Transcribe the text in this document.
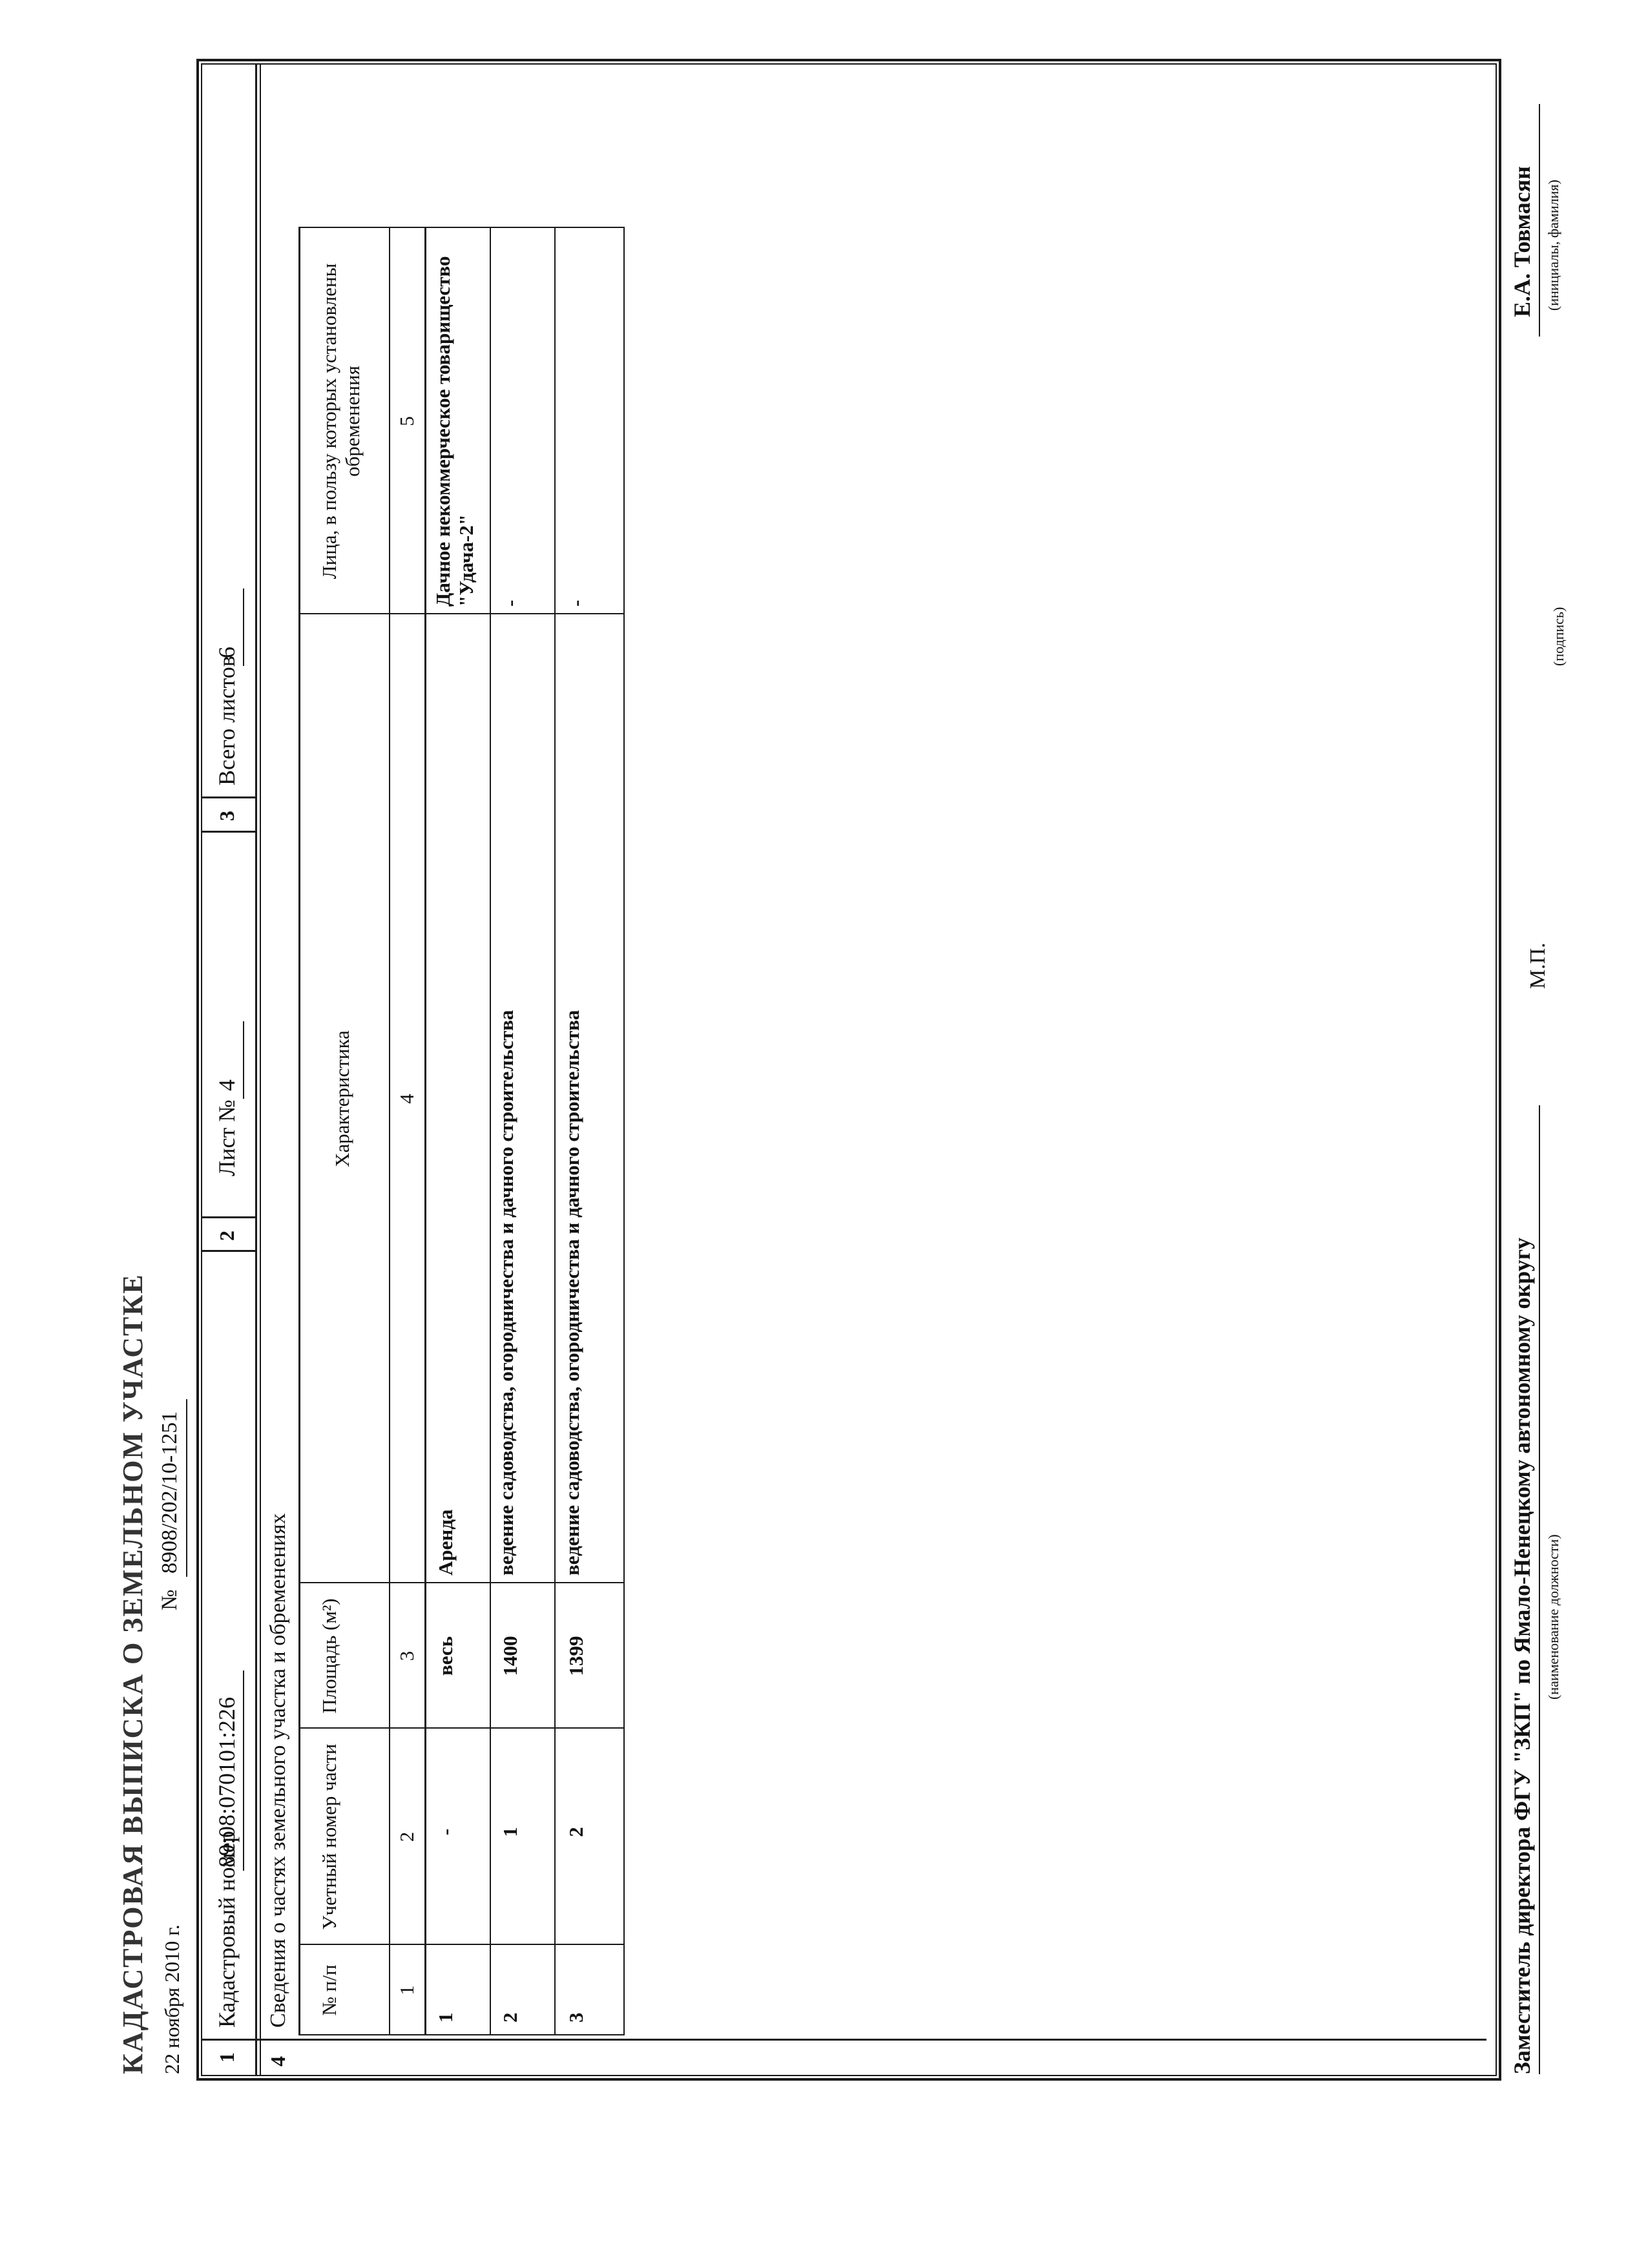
КАДАСТРОВАЯ ВЫПИСКА О ЗЕМЕЛЬНОМ УЧАСТКЕ 22 ноября 2010 г.
№
8908/202/10-1251
1
Кадастровый номер
89:08:070101:226
2
Лист №
4
3
Всего листов
6
4
Сведения о частях земельного участка и обременениях № п/п
Учетный номер части
Площадь (м²)
Характеристика
Лица, в пользу которых установлены обременения
1
2
3
4
5
1
-
весь
Аренда
Дачное некоммерческое товарищество "Удача-2"
2
1
1400
ведение садоводства, огородничества и дачного строительства
-
3
2
1399
ведение садоводства, огородничества и дачного строительства
-
Заместитель директора ФГУ "ЗКП" по Ямало-Ненецкому автономному округу (наименование должности)
М.П.
(подпись)
Е.А. Товмасян (инициалы, фамилия)
